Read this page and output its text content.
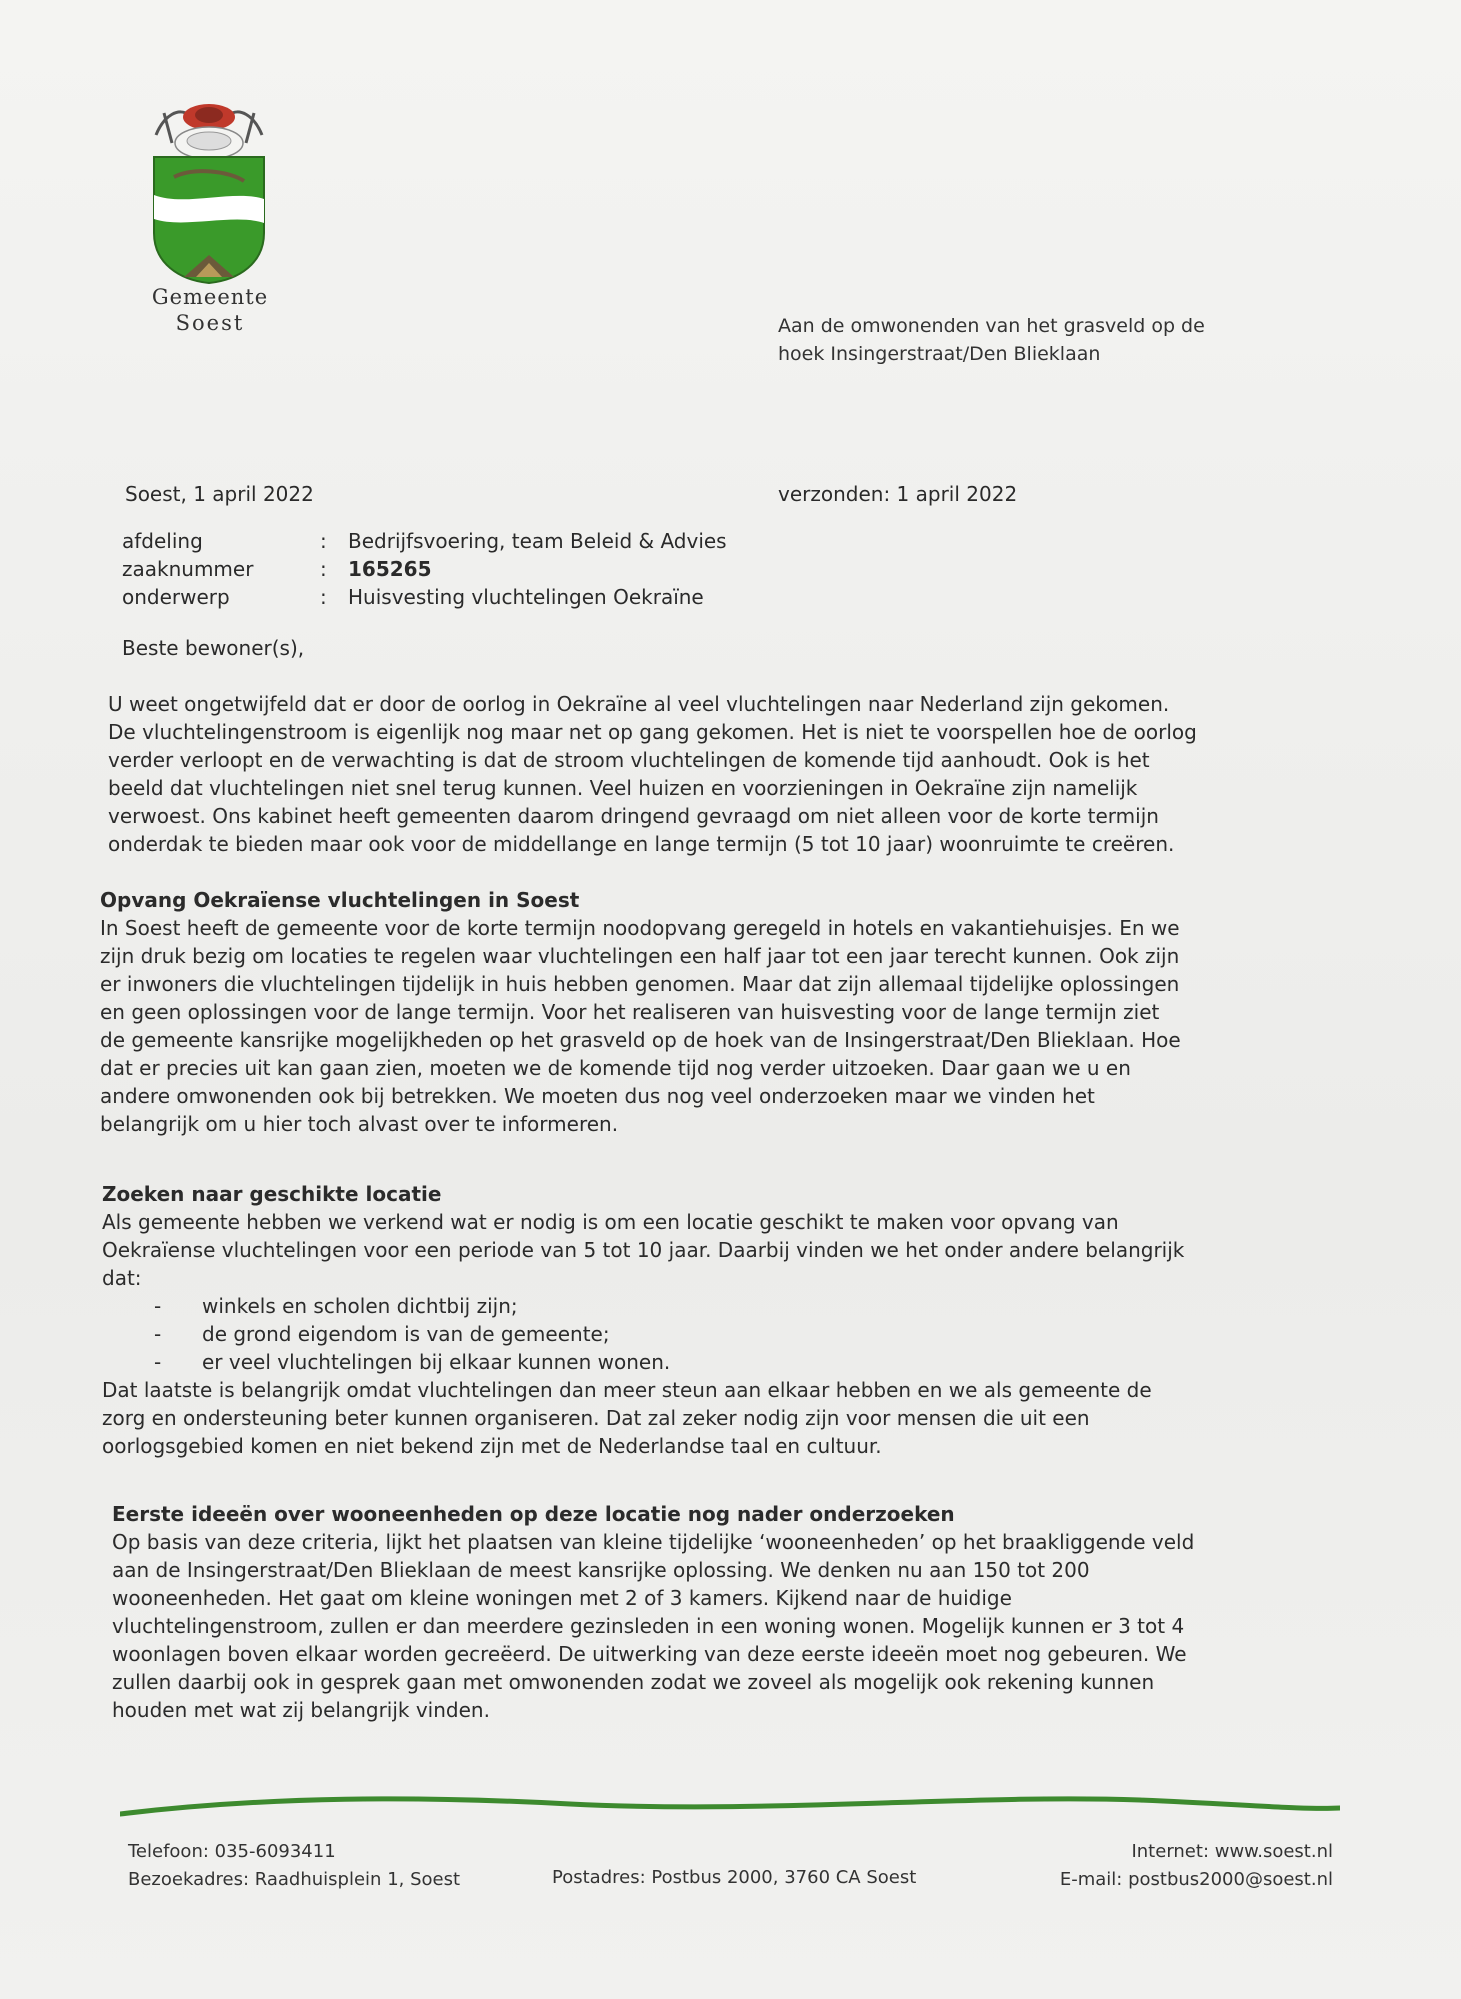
Gemeente
Soest	Aan de omwonenden van het grasveld op de
hoek Insingerstraat/Den Blieklaan
Soest, 1 april 2022	verzonden: 1 april 2022
afdeling	:	Bedrijfsvoering, team Beleid & Advies
zaaknummer	:	165265
onderwerp	:	Huisvesting vluchtelingen Oekraïne
Beste bewoner(s),

U weet ongetwijfeld dat er door de oorlog in Oekraïne al veel vluchtelingen naar Nederland zijn gekomen.

De vluchtelingenstroom is eigenlijk nog maar net op gang gekomen. Het is niet te voorspellen hoe de oorlog

verder verloopt en de verwachting is dat de stroom vluchtelingen de komende tijd aanhoudt. Ook is het

beeld dat vluchtelingen niet snel terug kunnen. Veel huizen en voorzieningen in Oekraïne zijn namelijk

verwoest. Ons kabinet heeft gemeenten daarom dringend gevraagd om niet alleen voor de korte termijn

onderdak te bieden maar ook voor de middellange en lange termijn (5 tot 10 jaar) woonruimte te creëren.

Opvang Oekraïense vluchtelingen in Soest

In Soest heeft de gemeente voor de korte termijn noodopvang geregeld in hotels en vakantiehuisjes. En we

zijn druk bezig om locaties te regelen waar vluchtelingen een half jaar tot een jaar terecht kunnen. Ook zijn

er inwoners die vluchtelingen tijdelijk in huis hebben genomen. Maar dat zijn allemaal tijdelijke oplossingen

en geen oplossingen voor de lange termijn. Voor het realiseren van huisvesting voor de lange termijn ziet

de gemeente kansrijke mogelijkheden op het grasveld op de hoek van de Insingerstraat/Den Blieklaan. Hoe

dat er precies uit kan gaan zien, moeten we de komende tijd nog verder uitzoeken. Daar gaan we u en

andere omwonenden ook bij betrekken. We moeten dus nog veel onderzoeken maar we vinden het

belangrijk om u hier toch alvast over te informeren.

Zoeken naar geschikte locatie

Als gemeente hebben we verkend wat er nodig is om een locatie geschikt te maken voor opvang van

Oekraïense vluchtelingen voor een periode van 5 tot 10 jaar. Daarbij vinden we het onder andere belangrijk

dat:

- winkels en scholen dichtbij zijn;
- de grond eigendom is van de gemeente;
- er veel vluchtelingen bij elkaar kunnen wonen.

Dat laatste is belangrijk omdat vluchtelingen dan meer steun aan elkaar hebben en we als gemeente de

zorg en ondersteuning beter kunnen organiseren. Dat zal zeker nodig zijn voor mensen die uit een

oorlogsgebied komen en niet bekend zijn met de Nederlandse taal en cultuur.

Eerste ideeën over wooneenheden op deze locatie nog nader onderzoeken

Op basis van deze criteria, lijkt het plaatsen van kleine tijdelijke ‘wooneenheden’ op het braakliggende veld

aan de Insingerstraat/Den Blieklaan de meest kansrijke oplossing. We denken nu aan 150 tot 200

wooneenheden. Het gaat om kleine woningen met 2 of 3 kamers. Kijkend naar de huidige

vluchtelingenstroom, zullen er dan meerdere gezinsleden in een woning wonen. Mogelijk kunnen er 3 tot 4

woonlagen boven elkaar worden gecreëerd. De uitwerking van deze eerste ideeën moet nog gebeuren. We

zullen daarbij ook in gesprek gaan met omwonenden zodat we zoveel als mogelijk ook rekening kunnen

houden met wat zij belangrijk vinden.

Telefoon: 035-6093411
Bezoekadres: Raadhuisplein 1, Soest	Postadres: Postbus 2000, 3760 CA Soest
Internet: www.soest.nl
E-mail: postbus2000@soest.nl
